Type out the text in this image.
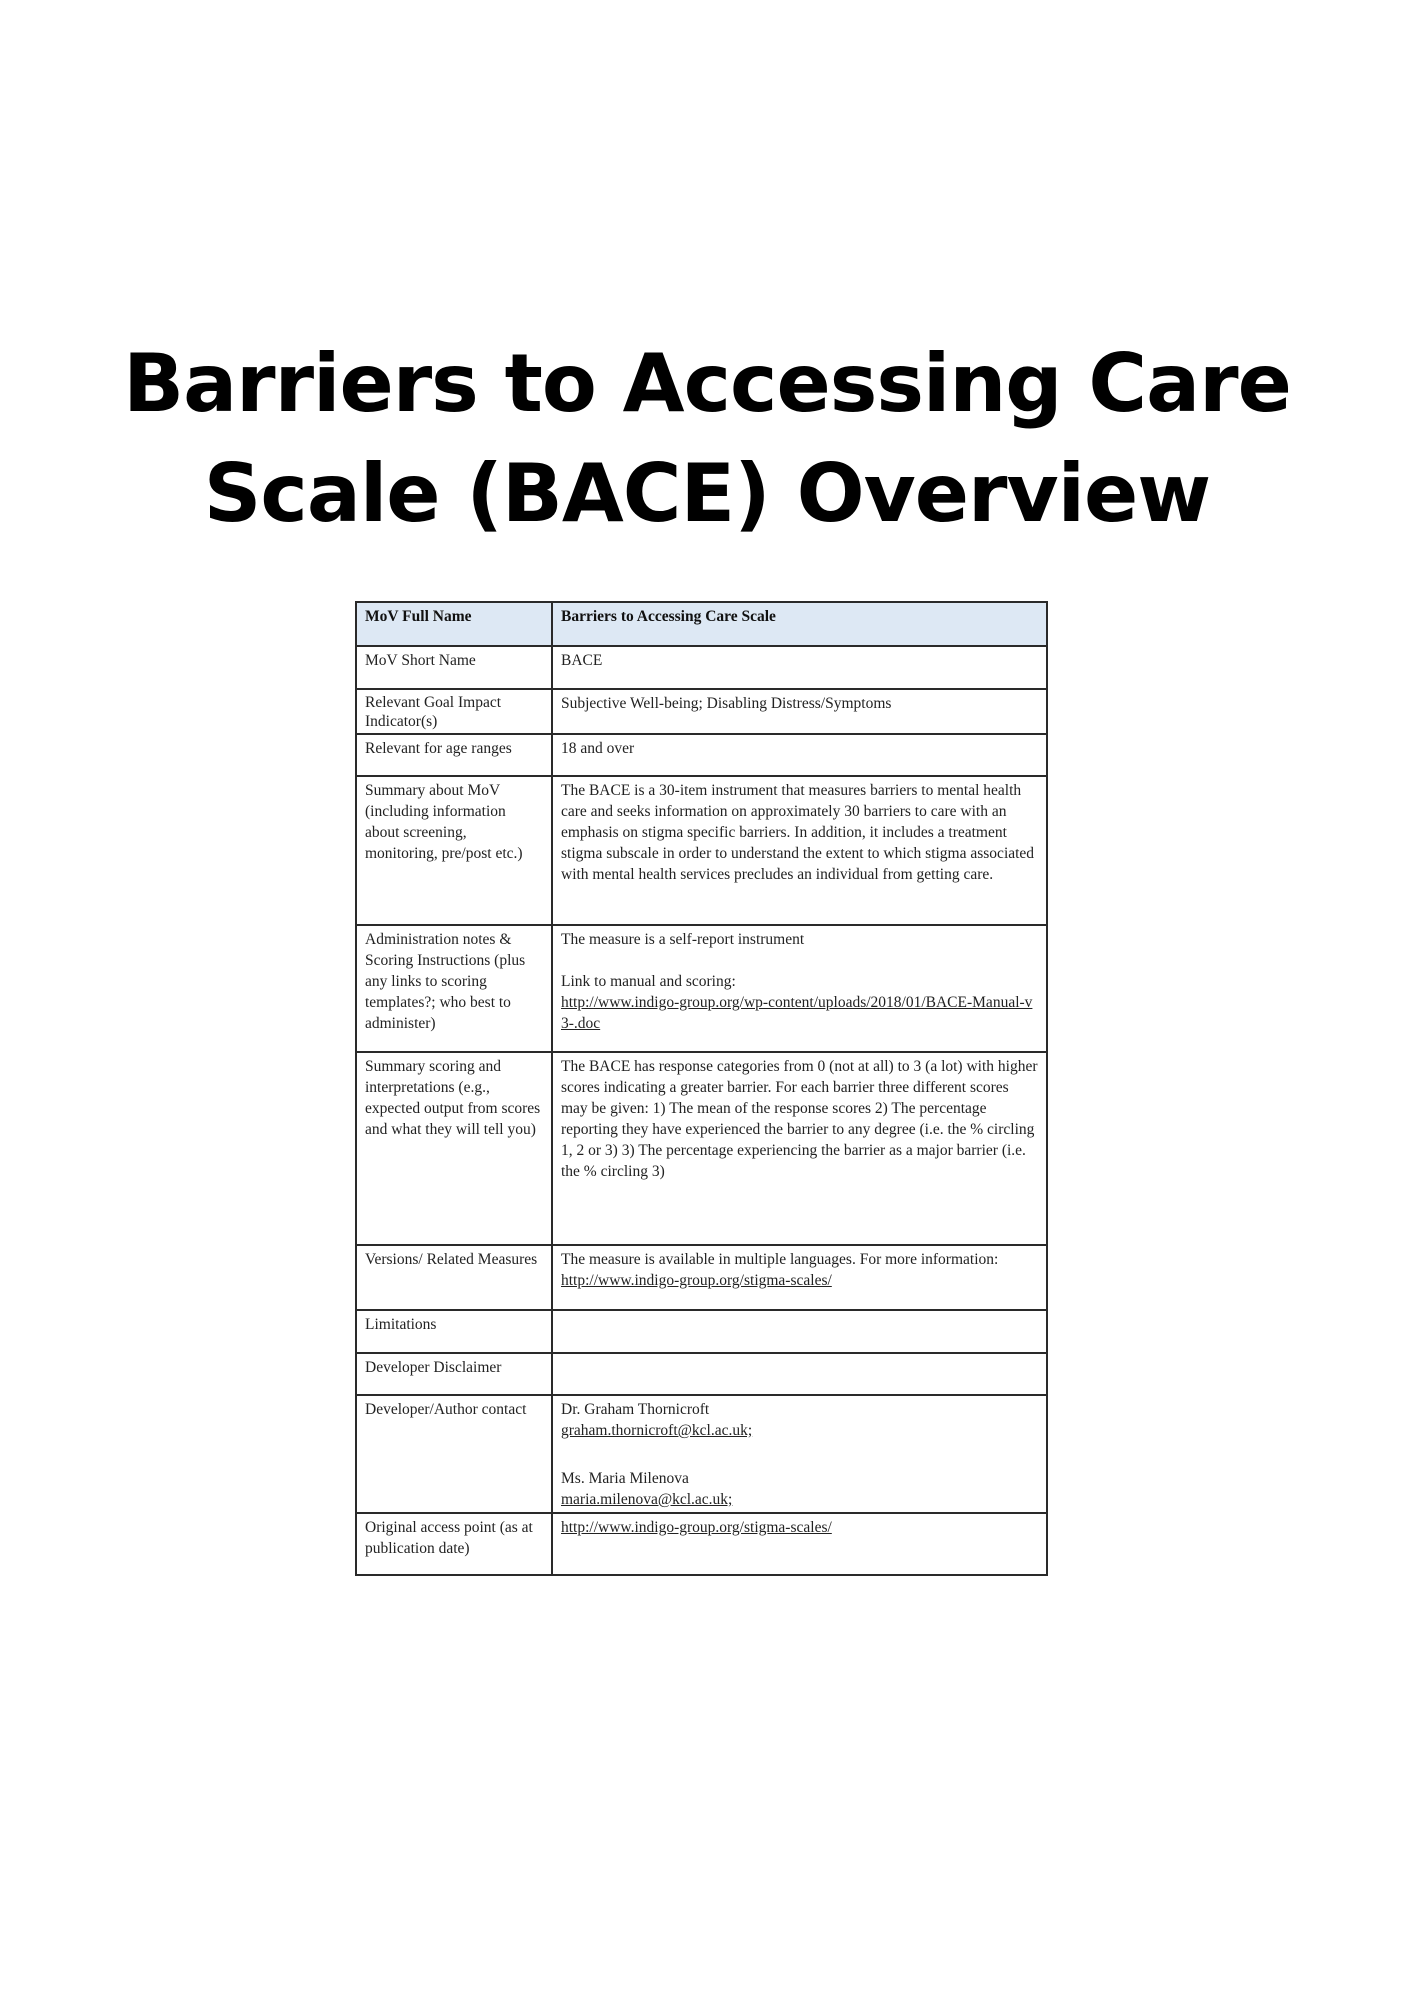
Barriers to Accessing Care
Scale (BACE) Overview
MoV Full Name	Barriers to Accessing Care Scale
MoV Short Name	BACE
Relevant Goal Impact Indicator(s)	Subjective Well-being; Disabling Distress/Symptoms
Relevant for age ranges	18 and over
Summary about MoV (including information about screening, monitoring, pre/post etc.)	The BACE is a 30-item instrument that measures barriers to mental health care and seeks information on approximately 30 barriers to care with an emphasis on stigma specific barriers. In addition, it includes a treatment stigma subscale in order to understand the extent to which stigma associated with mental health services precludes an individual from getting care.
Administration notes & Scoring Instructions (plus any links to scoring templates?; who best to administer)	The measure is a self-report instrument
Link to manual and scoring:
http://www.indigo-group.org/wp-content/uploads/2018/01/BACE-Manual-v3-.doc
Summary scoring and interpretations (e.g., expected output from scores and what they will tell you)	The BACE has response categories from 0 (not at all) to 3 (a lot) with higher scores indicating a greater barrier. For each barrier three different scores may be given: 1) The mean of the response scores 2) The percentage reporting they have experienced the barrier to any degree (i.e. the % circling 1, 2 or 3) 3) The percentage experiencing the barrier as a major barrier (i.e. the % circling 3)
Versions/ Related Measures	The measure is available in multiple languages. For more information: http://www.indigo-group.org/stigma-scales/
Limitations	
Developer Disclaimer	
Developer/Author contact	Dr. Graham Thornicroft
graham.thornicroft@kcl.ac.uk;
Ms. Maria Milenova
maria.milenova@kcl.ac.uk;
Original access point (as at publication date)	http://www.indigo-group.org/stigma-scales/
